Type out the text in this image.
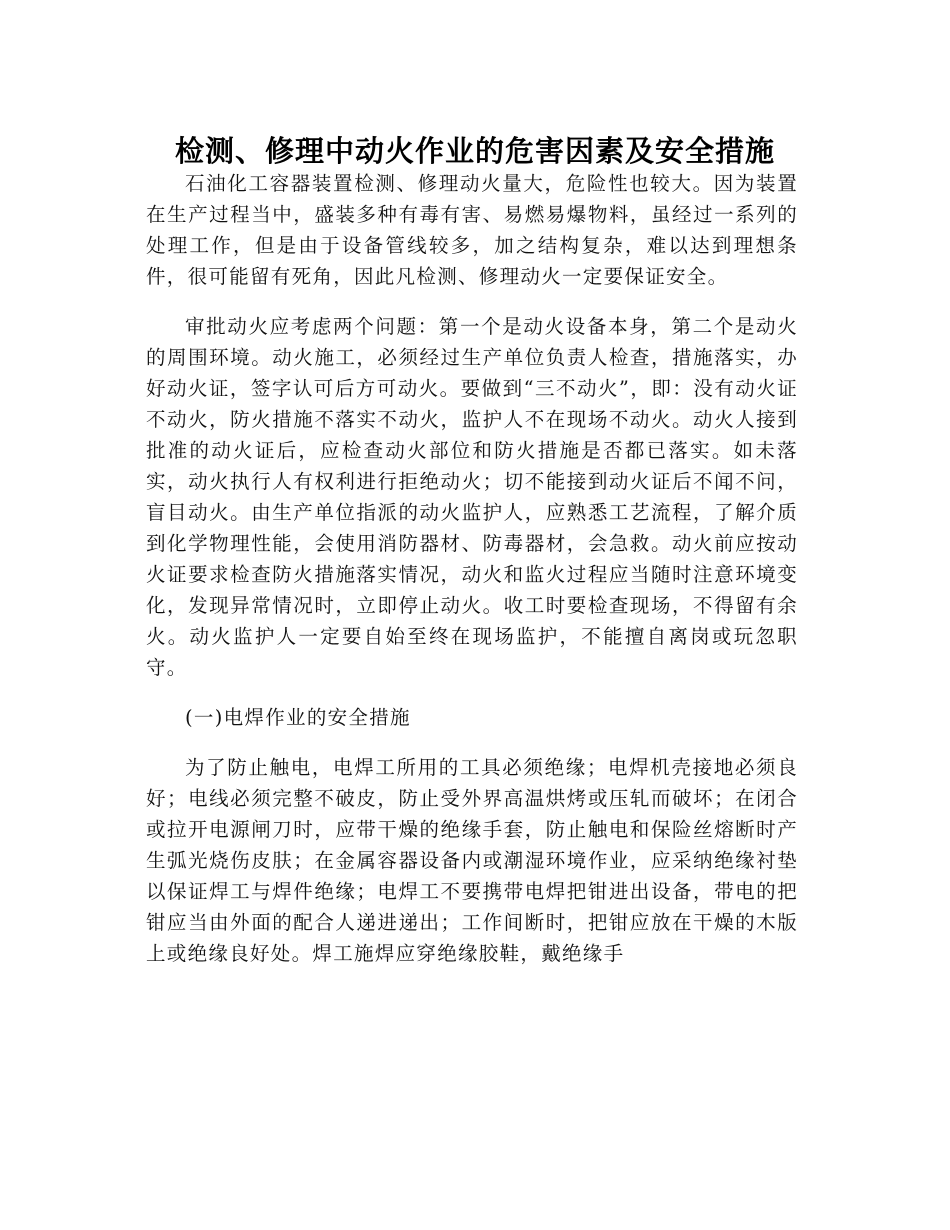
检测、修理中动火作业的危害因素及安全措施

石油化工容器装置检测、修理动火量大，危险性也较大。因为装置在生产过程当中，盛装多种有毒有害、易燃易爆物料，虽经过一系列的处理工作，但是由于设备管线较多，加之结构复杂，难以达到理想条件，很可能留有死角，因此凡检测、修理动火一定要保证安全。

审批动火应考虑两个问题：第一个是动火设备本身，第二个是动火的周围环境。动火施工，必须经过生产单位负责人检查，措施落实，办好动火证，签字认可后方可动火。要做到“三不动火”，即：没有动火证不动火，防火措施不落实不动火，监护人不在现场不动火。动火人接到批准的动火证后，应检查动火部位和防火措施是否都已落实。如未落实，动火执行人有权利进行拒绝动火；切不能接到动火证后不闻不问，盲目动火。由生产单位指派的动火监护人，应熟悉工艺流程，了解介质到化学物理性能，会使用消防器材、防毒器材，会急救。动火前应按动火证要求检查防火措施落实情况，动火和监火过程应当随时注意环境变化，发现异常情况时，立即停止动火。收工时要检查现场，不得留有余火。动火监护人一定要自始至终在现场监护，不能擅自离岗或玩忽职守。

(一)电焊作业的安全措施

为了防止触电，电焊工所用的工具必须绝缘；电焊机壳接地必须良好；电线必须完整不破皮，防止受外界高温烘烤或压轧而破坏；在闭合或拉开电源闸刀时，应带干燥的绝缘手套，防止触电和保险丝熔断时产生弧光烧伤皮肤；在金属容器设备内或潮湿环境作业，应采纳绝缘衬垫以保证焊工与焊件绝缘；电焊工不要携带电焊把钳进出设备，带电的把钳应当由外面的配合人递进递出；工作间断时，把钳应放在干燥的木版上或绝缘良好处。焊工施焊应穿绝缘胶鞋，戴绝缘手
